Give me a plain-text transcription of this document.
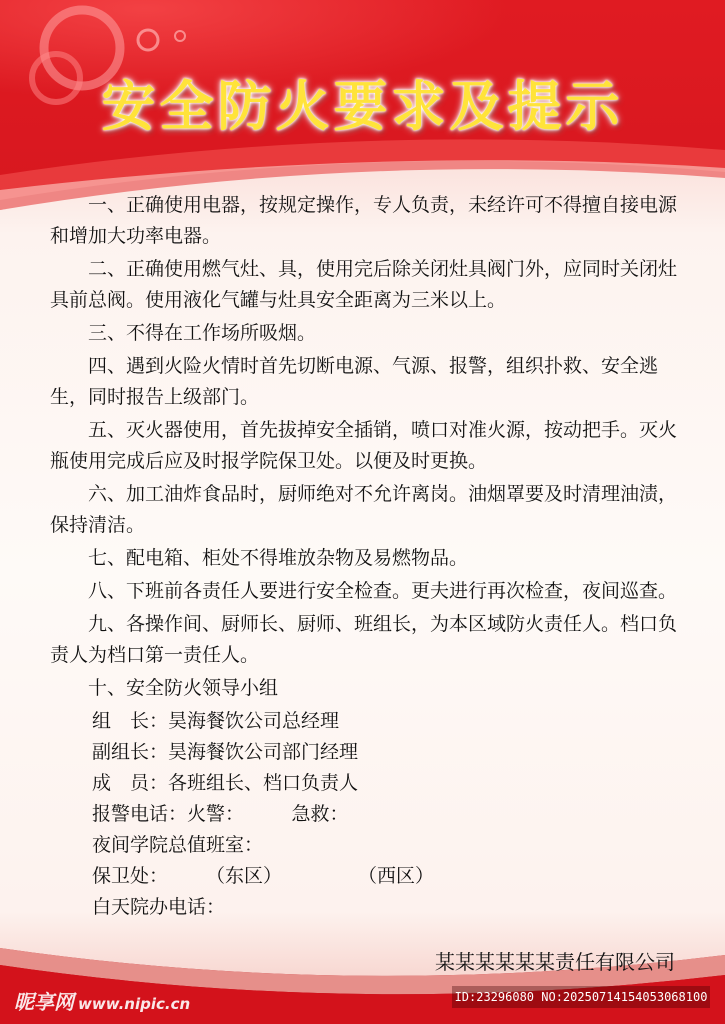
安全防火要求及提示

一、正确使用电器，按规定操作，专人负责，未经许可不得擅自接电源和增加大功率电器。

二、正确使用燃气灶、具，使用完后除关闭灶具阀门外，应同时关闭灶具前总阀。使用液化气罐与灶具安全距离为三米以上。

三、不得在工作场所吸烟。

四、遇到火险火情时首先切断电源、气源、报警，组织扑救、安全逃生，同时报告上级部门。

五、灭火器使用，首先拔掉安全插销，喷口对准火源，按动把手。灭火瓶使用完成后应及时报学院保卫处。以便及时更换。

六、加工油炸食品时，厨师绝对不允许离岗。油烟罩要及时清理油渍，保持清洁。

七、配电箱、柜处不得堆放杂物及易燃物品。

八、下班前各责任人要进行安全检查。更夫进行再次检查，夜间巡查。

九、各操作间、厨师长、厨师、班组长，为本区域防火责任人。档口负责人为档口第一责任人。

十、安全防火领导小组

组　长：昊海餐饮公司总经理
副组长：昊海餐饮公司部门经理
成　员：各班组长、档口负责人
报警电话：火警：　　　急救：
夜间学院总值班室：
保卫处：　　　（东区）　　　　　（西区）
白天院办电话：
某某某某某某责任有限公司
昵享网 www.nipic.cn	ID:23296080 NO:20250714154053068100
